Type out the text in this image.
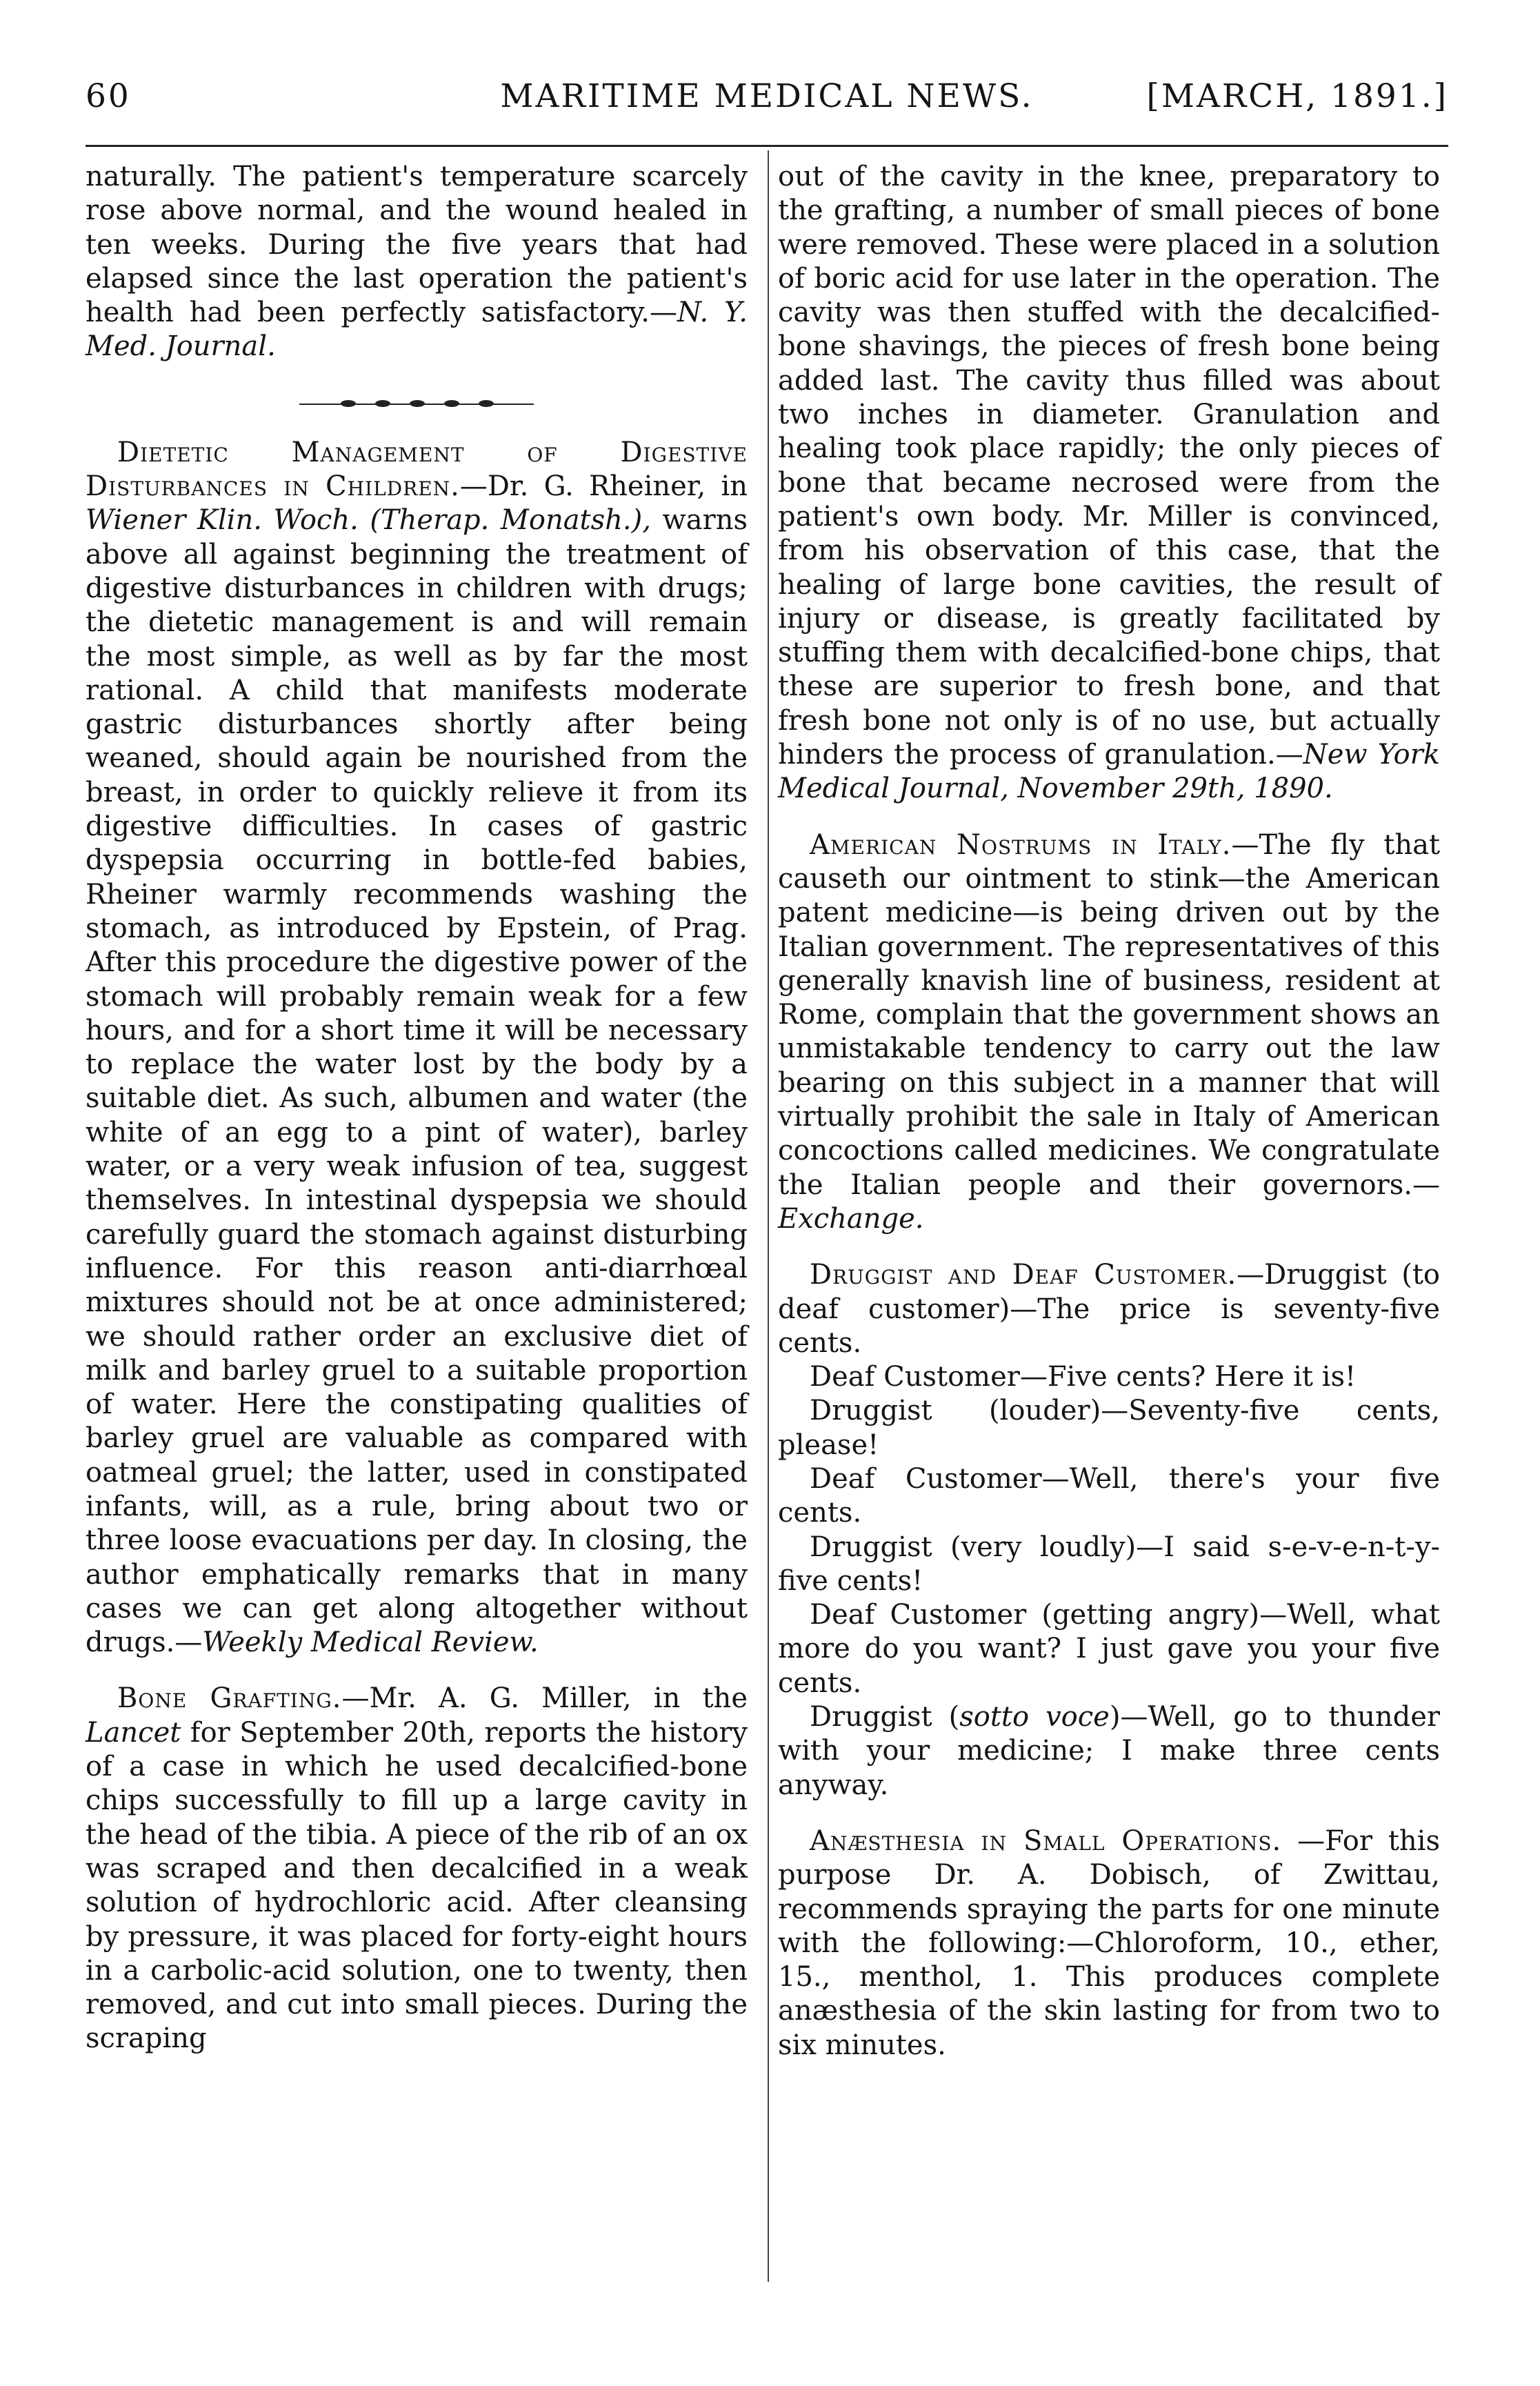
60	MARITIME MEDICAL NEWS.	[MARCH, 1891.]

naturally. The patient's temperature scarcely rose above normal, and the wound healed in ten weeks. During the five years that had elapsed since the last operation the patient's health had been perfectly satisfactory.—N. Y. Med. Journal.

Dietetic Management of Digestive Disturbances in Children.—Dr. G. Rheiner, in Wiener Klin. Woch. (Therap. Monatsh.), warns above all against beginning the treatment of digestive disturbances in children with drugs; the dietetic management is and will remain the most simple, as well as by far the most rational. A child that manifests moderate gastric disturbances shortly after being weaned, should again be nourished from the breast, in order to quickly relieve it from its digestive difficulties. In cases of gastric dyspepsia occurring in bottle-fed babies, Rheiner warmly recommends washing the stomach, as introduced by Epstein, of Prag. After this procedure the digestive power of the stomach will probably remain weak for a few hours, and for a short time it will be necessary to replace the water lost by the body by a suitable diet. As such, albumen and water (the white of an egg to a pint of water), barley water, or a very weak infusion of tea, suggest themselves. In intestinal dyspepsia we should carefully guard the stomach against disturbing influence. For this reason anti-diarrhœal mixtures should not be at once administered; we should rather order an exclusive diet of milk and barley gruel to a suitable proportion of water. Here the constipating qualities of barley gruel are valuable as compared with oatmeal gruel; the latter, used in constipated infants, will, as a rule, bring about two or three loose evacuations per day. In closing, the author emphatically remarks that in many cases we can get along altogether without drugs.—Weekly Medical Review.

Bone Grafting.—Mr. A. G. Miller, in the Lancet for September 20th, reports the history of a case in which he used decalcified-bone chips successfully to fill up a large cavity in the head of the tibia. A piece of the rib of an ox was scraped and then decalcified in a weak solution of hydrochloric acid. After cleansing by pressure, it was placed for forty-eight hours in a carbolic-acid solution, one to twenty, then removed, and cut into small pieces. During the scraping

out of the cavity in the knee, preparatory to the grafting, a number of small pieces of bone were removed. These were placed in a solution of boric acid for use later in the operation. The cavity was then stuffed with the decalcified-bone shavings, the pieces of fresh bone being added last. The cavity thus filled was about two inches in diameter. Granulation and healing took place rapidly; the only pieces of bone that became necrosed were from the patient's own body. Mr. Miller is convinced, from his observation of this case, that the healing of large bone cavities, the result of injury or disease, is greatly facilitated by stuffing them with decalcified-bone chips, that these are superior to fresh bone, and that fresh bone not only is of no use, but actually hinders the process of granulation.—New York Medical Journal, November 29th, 1890.

American Nostrums in Italy.—The fly that causeth our ointment to stink—the American patent medicine—is being driven out by the Italian government. The representatives of this generally knavish line of business, resident at Rome, complain that the government shows an unmistakable tendency to carry out the law bearing on this subject in a manner that will virtually prohibit the sale in Italy of American concoctions called medicines. We congratulate the Italian people and their governors.—Exchange.

Druggist and Deaf Customer.—Druggist (to deaf customer)—The price is seventy-five cents.

Deaf Customer—Five cents? Here it is!

Druggist (louder)—Seventy-five cents, please!

Deaf Customer—Well, there's your five cents.

Druggist (very loudly)—I said s-e-v-e-n-t-y-five cents!

Deaf Customer (getting angry)—Well, what more do you want? I just gave you your five cents.

Druggist (sotto voce)—Well, go to thunder with your medicine; I make three cents anyway.

Anæsthesia in Small Operations. —For this purpose Dr. A. Dobisch, of Zwittau, recommends spraying the parts for one minute with the following:—Chloroform, 10., ether, 15., menthol, 1. This produces complete anæsthesia of the skin lasting for from two to six minutes.
